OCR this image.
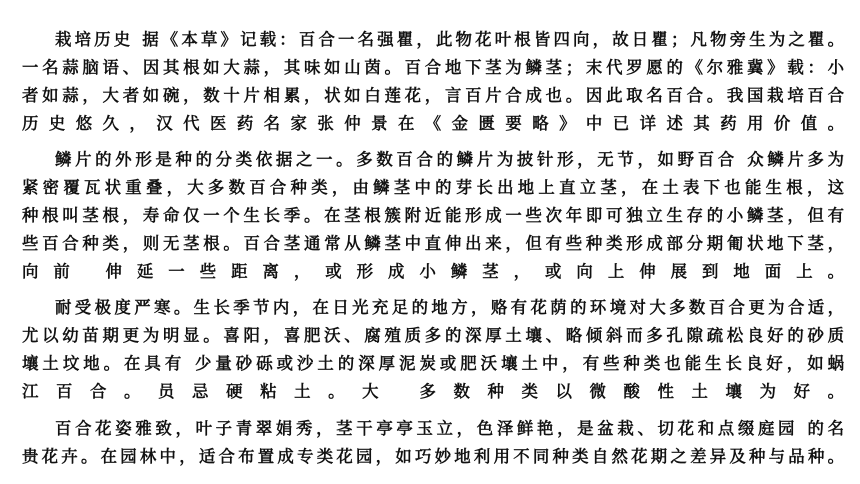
栽培历史 据《本草》记载：百合一名强瞿，此物花叶根皆四向，故日瞿；凡物旁生为之瞿。
一名蒜脑语、因其根如大蒜，其味如山茵。百合地下茎为鳞茎；末代罗愿的《尔雅冀》载：小
者如蒜，大者如碗，数十片相累，状如白莲花，言百片合成也。因此取名百合。我国栽培百合
历史悠久，汉代医药名家张仲景在《金匮要略》中已详述其药用价值。
鳞片的外形是种的分类依据之一。多数百合的鳞片为披针形，无节，如野百合 众鳞片多为
紧密覆瓦状重叠，大多数百合种类，由鳞茎中的芽长出地上直立茎，在土表下也能生根，这
种根叫茎根，寿命仅一个生长季。在茎根簇附近能形成一些次年即可独立生存的小鳞茎，但有
些百合种类，则无茎根。百合茎通常从鳞茎中直伸出来，但有些种类形成部分期匍状地下茎，
向前 伸延一些距离，或形成小鳞茎，或向上伸展到地面上。
耐受极度严寒。生长季节内，在日光充足的地方，赂有花荫的环境对大多数百合更为合适，
尤以幼苗期更为明显。喜阳，喜肥沃、腐殖质多的深厚土壤、略倾斜而多孔隙疏松良好的砂质
壤土坟地。在具有 少量砂砾或沙土的深厚泥炭或肥沃壤土中，有些种类也能生长良好，如蜗
江百合。员忌硬粘土。大 多数种类以微酸性土壤为好。
百合花姿雅致，叶子青翠娟秀，茎干亭亭玉立，色泽鲜艳，是盆栽、切花和点缀庭园 的名
贵花卉。在园林中，适合布置成专类花园，如巧妙地利用不同种类自然花期之差异及种与品种。
